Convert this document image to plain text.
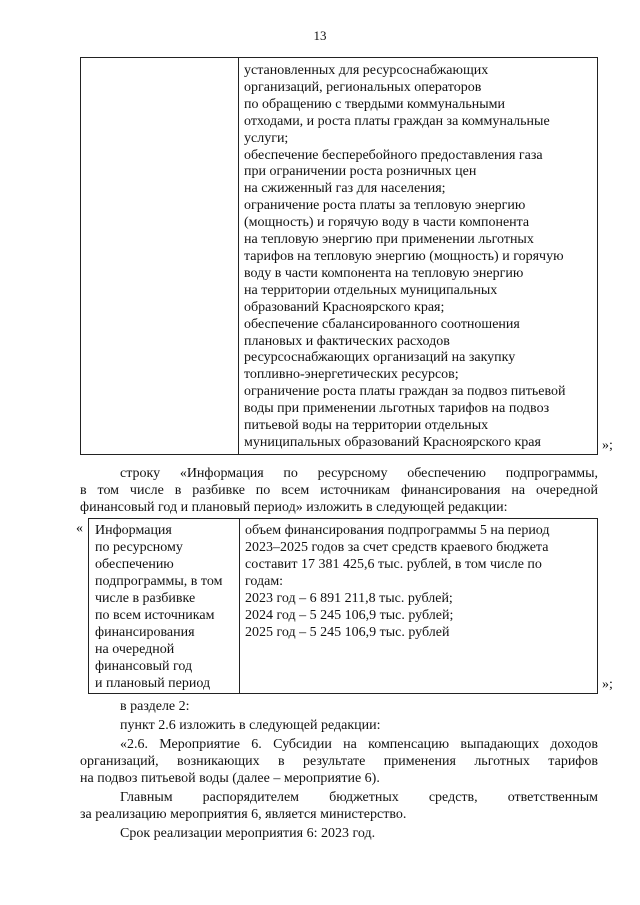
13
установленных для ресурсоснабжающих
организаций, региональных операторов
по обращению с твердыми коммунальными
отходами, и роста платы граждан за коммунальные
услуги;
обеспечение бесперебойного предоставления газа
при ограничении роста розничных цен
на сжиженный газ для населения;
ограничение роста платы за тепловую энергию
(мощность) и горячую воду в части компонента
на тепловую энергию при применении льготных
тарифов на тепловую энергию (мощность) и горячую
воду в части компонента на тепловую энергию
на территории отдельных муниципальных
образований Красноярского края;
обеспечение сбалансированного соотношения
плановых и фактических расходов
ресурсоснабжающих организаций на закупку
топливно-энергетических ресурсов;
ограничение роста платы граждан за подвоз питьевой
воды при применении льготных тарифов на подвоз
питьевой воды на территории отдельных
муниципальных образований Красноярского края	»;
строку «Информация по ресурсному обеспечению подпрограммы,
в том числе в разбивке по всем источникам финансирования на очередной
финансовый год и плановый период» изложить в следующей редакции:
« Информация
по ресурсному
обеспечению
подпрограммы, в том
числе в разбивке
по всем источникам
финансирования
на очередной
финансовый год
и плановый период
объем финансирования подпрограммы 5 на период
2023–2025 годов за счет средств краевого бюджета
составит 17 381 425,6 тыс. рублей, в том числе по
годам:
2023 год – 6 891 211,8 тыс. рублей;
2024 год – 5 245 106,9 тыс. рублей;
2025 год – 5 245 106,9 тыс. рублей
»;
в разделе 2:
пункт 2.6 изложить в следующей редакции:
«2.6. Мероприятие 6. Субсидии на компенсацию выпадающих доходов
организаций, возникающих в результате применения льготных тарифов
на подвоз питьевой воды (далее – мероприятие 6).
Главным распорядителем бюджетных средств, ответственным
за реализацию мероприятия 6, является министерство.
Срок реализации мероприятия 6: 2023 год.
